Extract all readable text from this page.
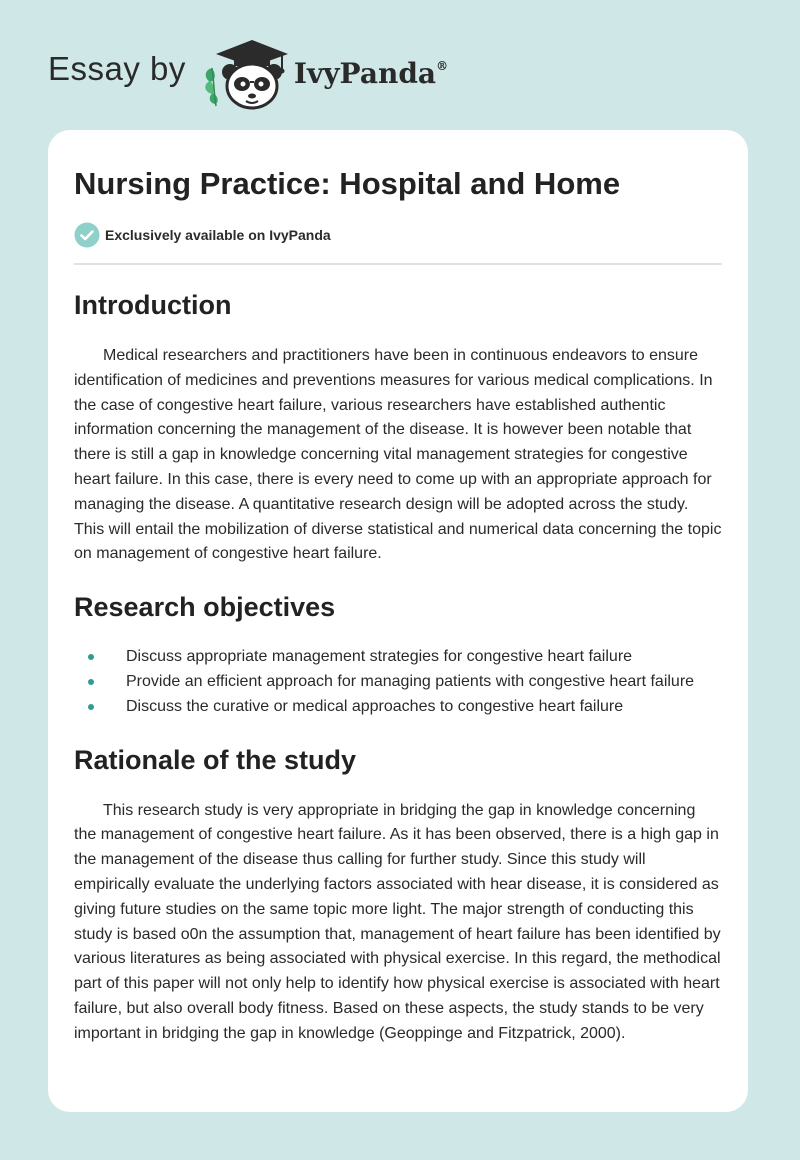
Essay by	IvyPanda®
Nursing Practice: Hospital and Home
Exclusively available on IvyPanda
Introduction

Medical researchers and practitioners have been in continuous endeavors to ensure identification of medicines and preventions measures for various medical complications. In the case of congestive heart failure, various researchers have established authentic information concerning the management of the disease. It is however been notable that there is still a gap in knowledge concerning vital management strategies for congestive heart failure. In this case, there is every need to come up with an appropriate approach for managing the disease. A quantitative research design will be adopted across the study. This will entail the mobilization of diverse statistical and numerical data concerning the topic on management of congestive heart failure.

Research objectives
Discuss appropriate management strategies for congestive heart failure
Provide an efficient approach for managing patients with congestive heart failure
Discuss the curative or medical approaches to congestive heart failure
Rationale of the study

This research study is very appropriate in bridging the gap in knowledge concerning the management of congestive heart failure. As it has been observed, there is a high gap in the management of the disease thus calling for further study. Since this study will empirically evaluate the underlying factors associated with hear disease, it is considered as giving future studies on the same topic more light. The major strength of conducting this study is based o0n the assumption that, management of heart failure has been identified by various literatures as being associated with physical exercise. In this regard, the methodical part of this paper will not only help to identify how physical exercise is associated with heart failure, but also overall body fitness. Based on these aspects, the study stands to be very important in bridging the gap in knowledge (Geoppinge and Fitzpatrick, 2000).
